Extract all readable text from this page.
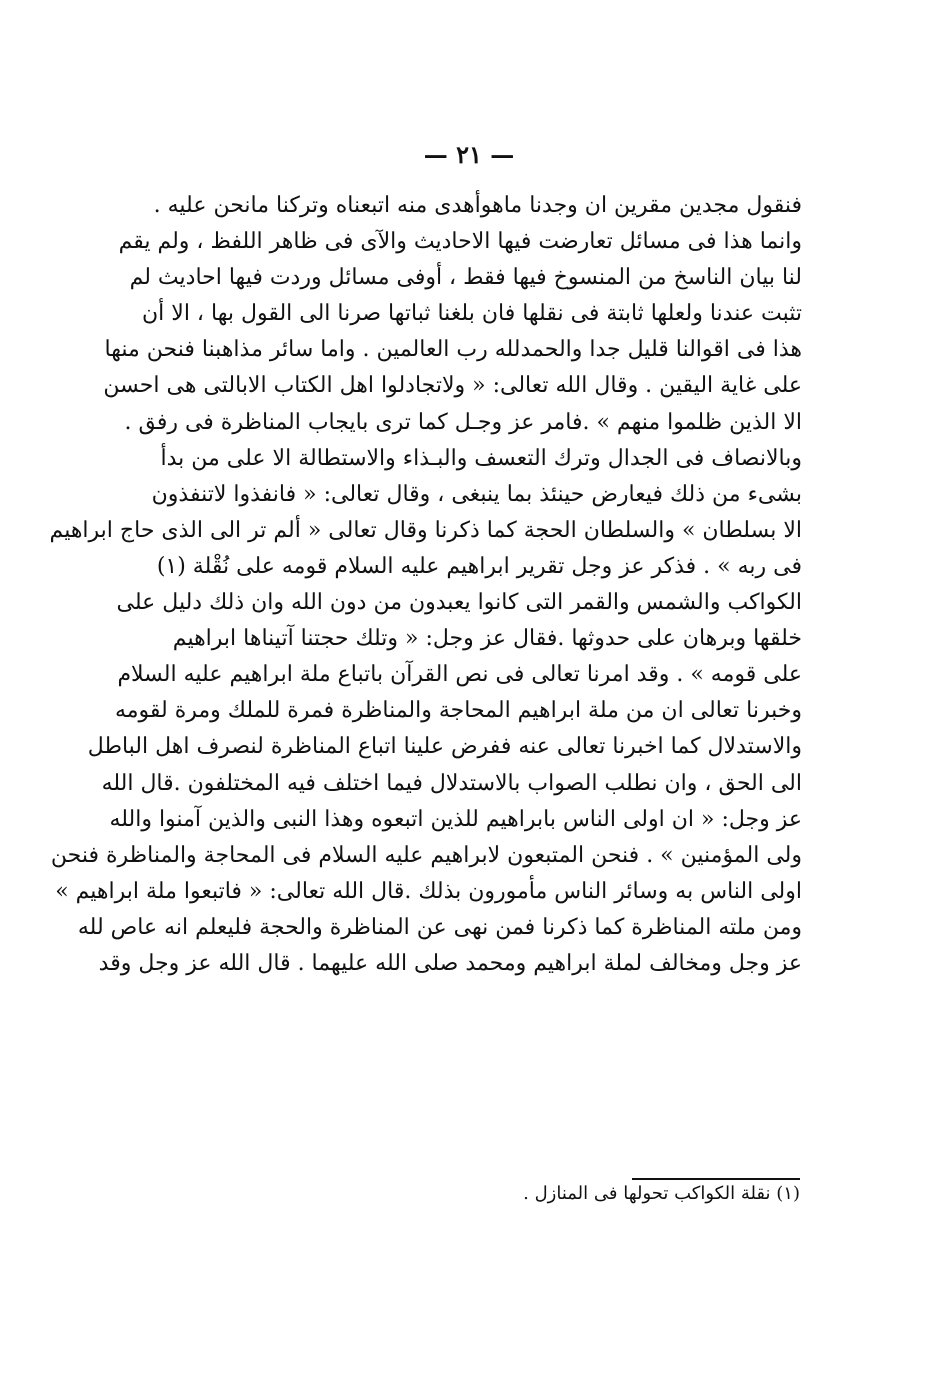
— ٢١ —
فنقول مجدين مقرين ان وجدنا ماهوأهدى منه اتبعناه وتركنا مانحن عليه .
وانما هذا فى مسائل تعارضت فيها الاحاديث والآى فى ظاهر اللفظ ، ولم يقم
لنا بيان الناسخ من المنسوخ فيها فقط ، أوفى مسائل وردت فيها احاديث لم
تثبت عندنا ولعلها ثابتة فى نقلها فان بلغنا ثباتها صرنا الى القول بها ، الا أن
هذا فى اقوالنا قليل جدا والحمدلله رب العالمين . واما سائر مذاهبنا فنحن منها
على غاية اليقين . وقال الله تعالى: « ولاتجادلوا اهل الكتاب الابالتى هى احسن
الا الذين ظلموا منهم » .فامر عز وجـل كما ترى بايجاب المناظرة فى رفق .
وبالانصاف فى الجدال وترك التعسف والبـذاء والاستطالة الا على من بدأ
بشىء من ذلك فيعارض حينئذ بما ينبغى ، وقال تعالى: « فانفذوا لاتنفذون
الا بسلطان » والسلطان الحجة كما ذكرنا وقال تعالى « ألم تر الى الذى حاج ابراهيم
فى ربه » . فذكر عز وجل تقرير ابراهيم عليه السلام قومه على نُقْلة (١)
الكواكب والشمس والقمر التى كانوا يعبدون من دون الله وان ذلك دليل على
خلقها وبرهان على حدوثها .فقال عز وجل: « وتلك حجتنا آتيناها ابراهيم
على قومه » . وقد امرنا تعالى فى نص القرآن باتباع ملة ابراهيم عليه السلام
وخبرنا تعالى ان من ملة ابراهيم المحاجة والمناظرة فمرة للملك ومرة لقومه
والاستدلال كما اخبرنا تعالى عنه ففرض علينا اتباع المناظرة لنصرف اهل الباطل
الى الحق ، وان نطلب الصواب بالاستدلال فيما اختلف فيه المختلفون .قال الله
عز وجل: « ان اولى الناس بابراهيم للذين اتبعوه وهذا النبى والذين آمنوا والله
ولى المؤمنين » . فنحن المتبعون لابراهيم عليه السلام فى المحاجة والمناظرة فنحن
اولى الناس به وسائر الناس مأمورون بذلك .قال الله تعالى: « فاتبعوا ملة ابراهيم »
ومن ملته المناظرة كما ذكرنا فمن نهى عن المناظرة والحجة فليعلم انه عاص لله
عز وجل ومخالف لملة ابراهيم ومحمد صلى الله عليهما . قال الله عز وجل وقد
(١) نقلة الكواكب تحولها فى المنازل .
